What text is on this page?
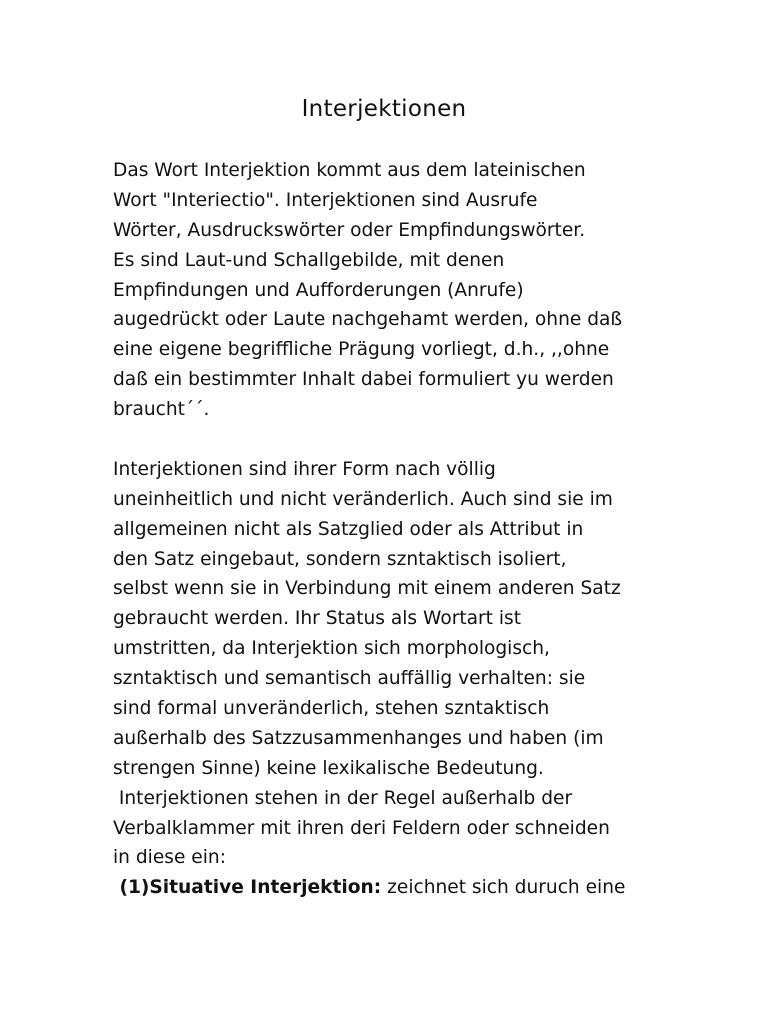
Interjektionen
Das Wort Interjektion kommt aus dem lateinischen
Wort "Interiectio". Interjektionen sind Ausrufe
Wörter, Ausdruckswörter oder Empfindungswörter.
Es sind Laut-und Schallgebilde, mit denen
Empfindungen und Aufforderungen (Anrufe)
augedrückt oder Laute nachgehamt werden, ohne daß
eine eigene begriffliche Prägung vorliegt, d.h., ,,ohne
daß ein bestimmter Inhalt dabei formuliert yu werden
braucht´´.
Interjektionen sind ihrer Form nach völlig
uneinheitlich und nicht veränderlich. Auch sind sie im
allgemeinen nicht als Satzglied oder als Attribut in
den Satz eingebaut, sondern szntaktisch isoliert,
selbst wenn sie in Verbindung mit einem anderen Satz
gebraucht werden. Ihr Status als Wortart ist
umstritten, da Interjektion sich morphologisch,
szntaktisch und semantisch auffällig verhalten: sie
sind formal unveränderlich, stehen szntaktisch
außerhalb des Satzzusammenhanges und haben (im
strengen Sinne) keine lexikalische Bedeutung.
Interjektionen stehen in der Regel außerhalb der
Verbalklammer mit ihren deri Feldern oder schneiden
in diese ein:
(1)Situative Interjektion: zeichnet sich duruch eine
